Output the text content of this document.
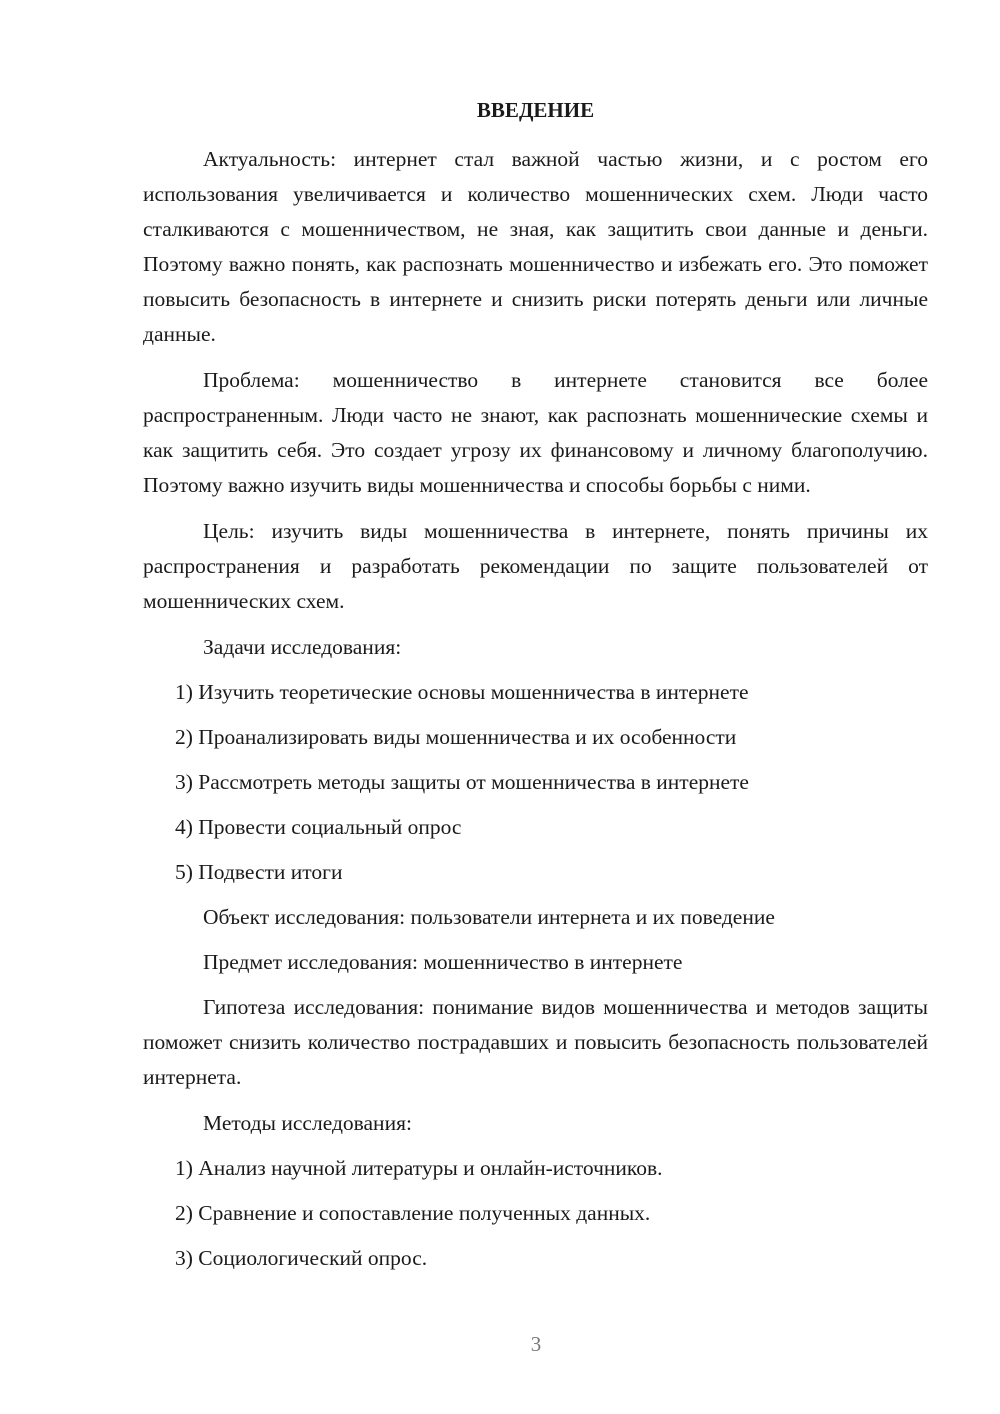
ВВЕДЕНИЕ

Актуальность: интернет стал важной частью жизни, и с ростом его использования увеличивается и количество мошеннических схем. Люди часто сталкиваются с мошенничеством, не зная, как защитить свои данные и деньги. Поэтому важно понять, как распознать мошенничество и избежать его. Это поможет повысить безопасность в интернете и снизить риски потерять деньги или личные данные.

Проблема: мошенничество в интернете становится все более распространенным. Люди часто не знают, как распознать мошеннические схемы и как защитить себя. Это создает угрозу их финансовому и личному благополучию. Поэтому важно изучить виды мошенничества и способы борьбы с ними.

Цель: изучить виды мошенничества в интернете, понять причины их распространения и разработать рекомендации по защите пользователей от мошеннических схем.

Задачи исследования:

1) Изучить теоретические основы мошенничества в интернете

2) Проанализировать виды мошенничества и их особенности

3) Рассмотреть методы защиты от мошенничества в интернете

4) Провести социальный опрос

5) Подвести итоги

Объект исследования: пользователи интернета и их поведение

Предмет исследования: мошенничество в интернете

Гипотеза исследования: понимание видов мошенничества и методов защиты поможет снизить количество пострадавших и повысить безопасность пользователей интернета.

Методы исследования:

1) Анализ научной литературы и онлайн-источников.

2) Сравнение и сопоставление полученных данных.

3) Социологический опрос.

3
